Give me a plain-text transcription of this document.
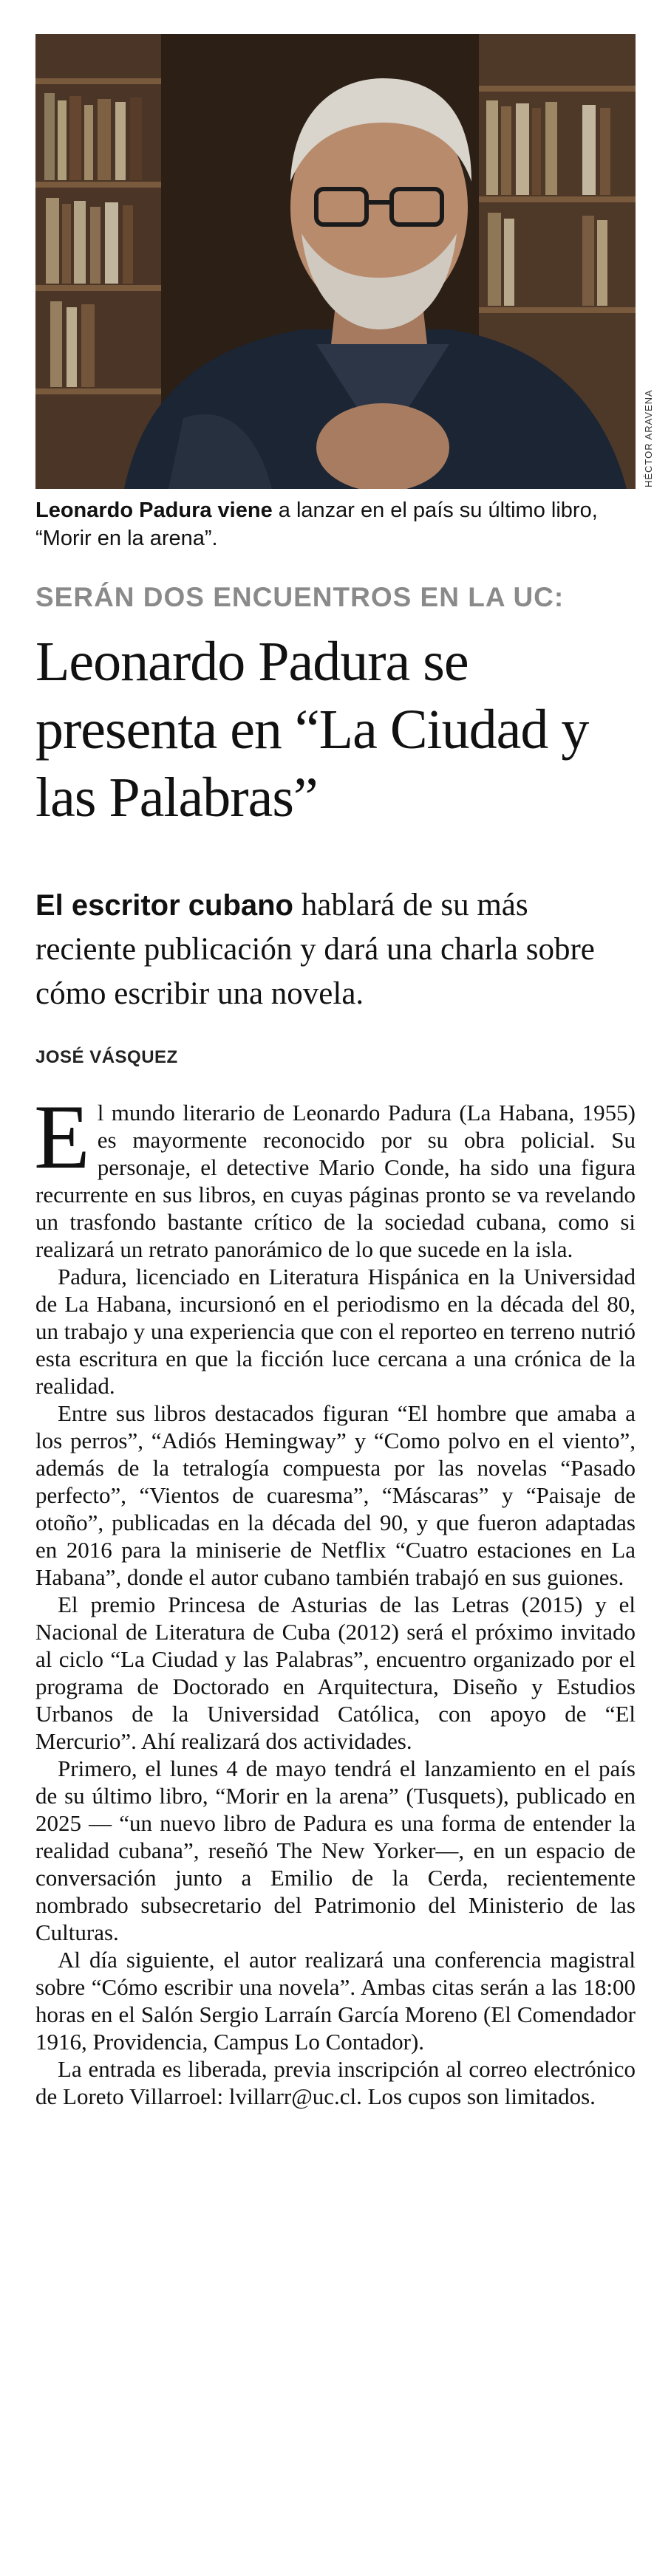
HÉCTOR ARAVENA
Leonardo Padura viene a lanzar en el país su último libro, “Morir en la arena”.
SERÁN DOS ENCUENTROS EN LA UC:
Leonardo Padura se presenta en “La Ciudad y las Palabras”
El escritor cubano hablará de su más reciente publicación y dará una charla sobre cómo escribir una novela.
JOSÉ VÁSQUEZ

El mundo literario de Leonardo Padura (La Habana, 1955) es mayormente reconocido por su obra policial. Su personaje, el detective Mario Conde, ha sido una figura recurrente en sus libros, en cuyas páginas pronto se va revelando un trasfondo bastante crítico de la sociedad cubana, como si realizará un retrato panorámico de lo que sucede en la isla.

Padura, licenciado en Literatura Hispánica en la Universidad de La Habana, incursionó en el periodismo en la década del 80, un trabajo y una experiencia que con el reporteo en terreno nutrió esta escritura en que la ficción luce cercana a una crónica de la realidad.

Entre sus libros destacados figuran “El hombre que amaba a los perros”, “Adiós Hemingway” y “Como polvo en el viento”, además de la tetralogía compuesta por las novelas “Pasado perfecto”, “Vientos de cuaresma”, “Máscaras” y “Paisaje de otoño”, publicadas en la década del 90, y que fueron adaptadas en 2016 para la miniserie de Netflix “Cuatro estaciones en La Habana”, donde el autor cubano también trabajó en sus guiones.

El premio Princesa de Asturias de las Letras (2015) y el Nacional de Literatura de Cuba (2012) será el próximo invitado al ciclo “La Ciudad y las Palabras”, encuentro organizado por el programa de Doctorado en Arquitectura, Diseño y Estudios Urbanos de la Universidad Católica, con apoyo de “El Mercurio”. Ahí realizará dos actividades.

Primero, el lunes 4 de mayo tendrá el lanzamiento en el país de su último libro, “Morir en la arena” (Tusquets), publicado en 2025 — “un nuevo libro de Padura es una forma de entender la realidad cubana”, reseñó The New Yorker—, en un espacio de conversación junto a Emilio de la Cerda, recientemente nombrado subsecretario del Patrimonio del Ministerio de las Culturas.

Al día siguiente, el autor realizará una conferencia magistral sobre “Cómo escribir una novela”. Ambas citas serán a las 18:00 horas en el Salón Sergio Larraín García Moreno (El Comendador 1916, Providencia, Campus Lo Contador).

La entrada es liberada, previa inscripción al correo electrónico de Loreto Villarroel: lvillarr@uc.cl. Los cupos son limitados.
